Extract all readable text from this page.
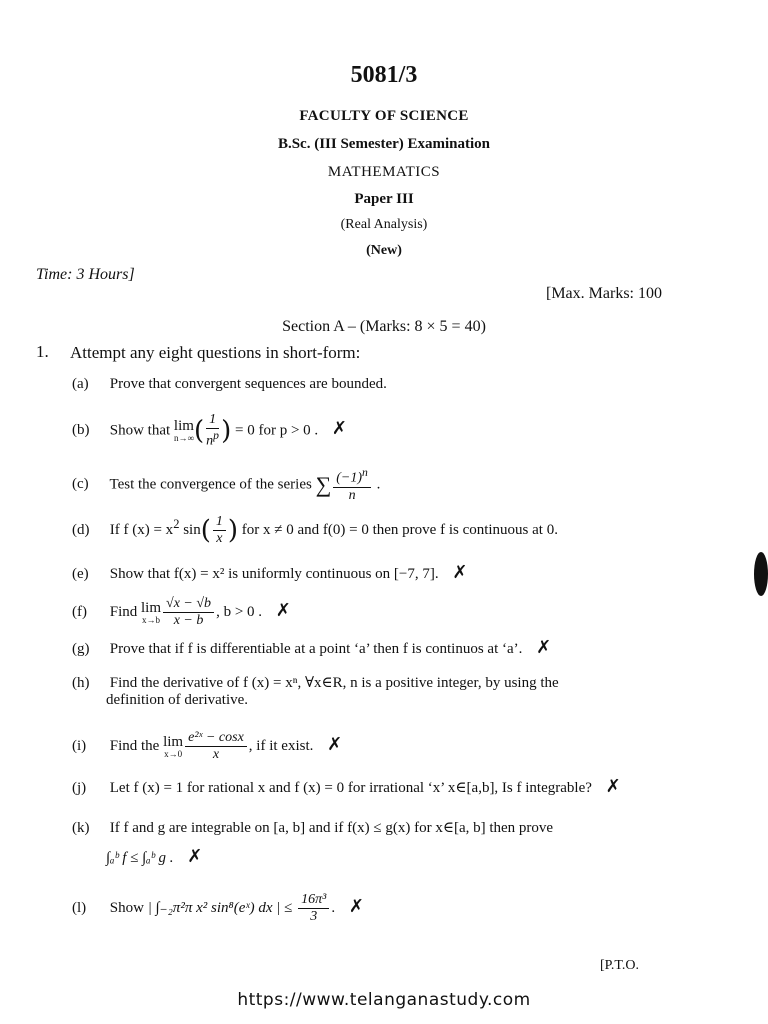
5081/3
FACULTY OF SCIENCE
B.Sc. (III Semester) Examination
MATHEMATICS
Paper III
(Real Analysis)
(New)
Time: 3 Hours]
[Max. Marks: 100
Section A – (Marks: 8 × 5 = 40)
1. Attempt any eight questions in short-form:
(a) Prove that convergent sequences are bounded.
(b) Show that lim
n→∞ ( $\frac{1}{n^p}$ ) = 0 for p > 0 . ✗
(c) Test the convergence of the series ∑ $\frac{(-1)^n}{n}$ .
(d) If f $(x) = x^2$ $\sin( \frac{1}{x}$ ) for x ≠ 0 and f(0) = 0 then prove f is continuous at 0.
(e) Show that f(x) = x² is uniformly continuous on [−7, 7]. ✗
(f) Find lim
$x\to b \frac{√x - √b}{x - b}$ , b > 0 . ✗
(g) Prove that if f is differentiable at a point ‘a’ then f is continuos at ‘a’. ✗
(h) Find the derivative of f (x) = xⁿ, ∀x∈R, n is a positive integer, by using the
definition of derivative.
(i) Find the lim
$x\to 0 \frac{\text{e²ˣ − cosx}}{x}$ , if it exist. ✗
(j) Let f (x) = 1 for rational x and f (x) = 0 for irrational ‘x’ x∈[a,b], Is f integrable? ✗
(k) If f and g are integrable on [a, b] and if f(x) ≤ g(x) for x∈[a, b] then prove
∫ₐᵇ f ≤ ∫ₐᵇ g . ✗
(l) Show | ∫₋₂π²π x² sin⁸(eˣ) dx | ≤ $\frac{\text{16π³}}{3}$ . ✗
[P.T.O.
https://www.telanganastudy.com
